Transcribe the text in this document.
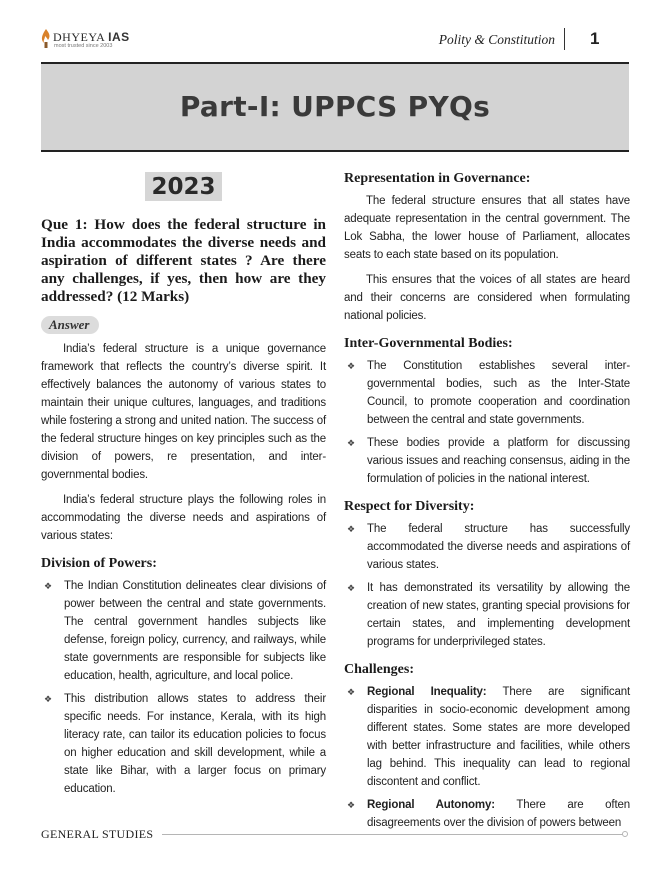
DHYEYA IAS
most trusted since 2003	Polity & Constitution 1
Part-I: UPPCS PYQs
2023

Que 1: How does the federal structure in India accommodates the diverse needs and aspiration of different states ? Are there any challenges, if yes, then how are they addressed? (12 Marks)

Answer

India’s federal structure is a unique governance framework that reflects the country’s diverse spirit. It effectively balances the autonomy of various states to maintain their unique cultures, languages, and traditions while fostering a strong and united nation. The success of the federal structure hinges on key principles such as the division of powers, re presentation, and inter-governmental bodies.

India’s federal structure plays the following roles in accommodating the diverse needs and aspirations of various states:

Division of Powers:
❖ The Indian Constitution delineates clear divisions of power between the central and state governments. The central government handles subjects like defense, foreign policy, currency, and railways, while state governments are responsible for subjects like education, health, agriculture, and local police.
❖ This distribution allows states to address their specific needs. For instance, Kerala, with its high literacy rate, can tailor its education policies to focus on higher education and skill development, while a state like Bihar, with a larger focus on primary education.
Representation in Governance:

The federal structure ensures that all states have adequate representation in the central government. The Lok Sabha, the lower house of Parliament, allocates seats to each state based on its population.

This ensures that the voices of all states are heard and their concerns are considered when formulating national policies.

Inter-Governmental Bodies:
❖ The Constitution establishes several inter-governmental bodies, such as the Inter-State Council, to promote cooperation and coordination between the central and state governments.
❖ These bodies provide a platform for discussing various issues and reaching consensus, aiding in the formulation of policies in the national interest.
Respect for Diversity:
❖ The federal structure has successfully accommodated the diverse needs and aspirations of various states.
❖ It has demonstrated its versatility by allowing the creation of new states, granting special provisions for certain states, and implementing development programs for underprivileged states.
Challenges:
❖ Regional Inequality: There are significant disparities in socio-economic development among different states. Some states are more developed with better infrastructure and facilities, while others lag behind. This inequality can lead to regional discontent and conflict.
❖ Regional Autonomy: There are often disagreements over the division of powers between
GENERAL STUDIES
